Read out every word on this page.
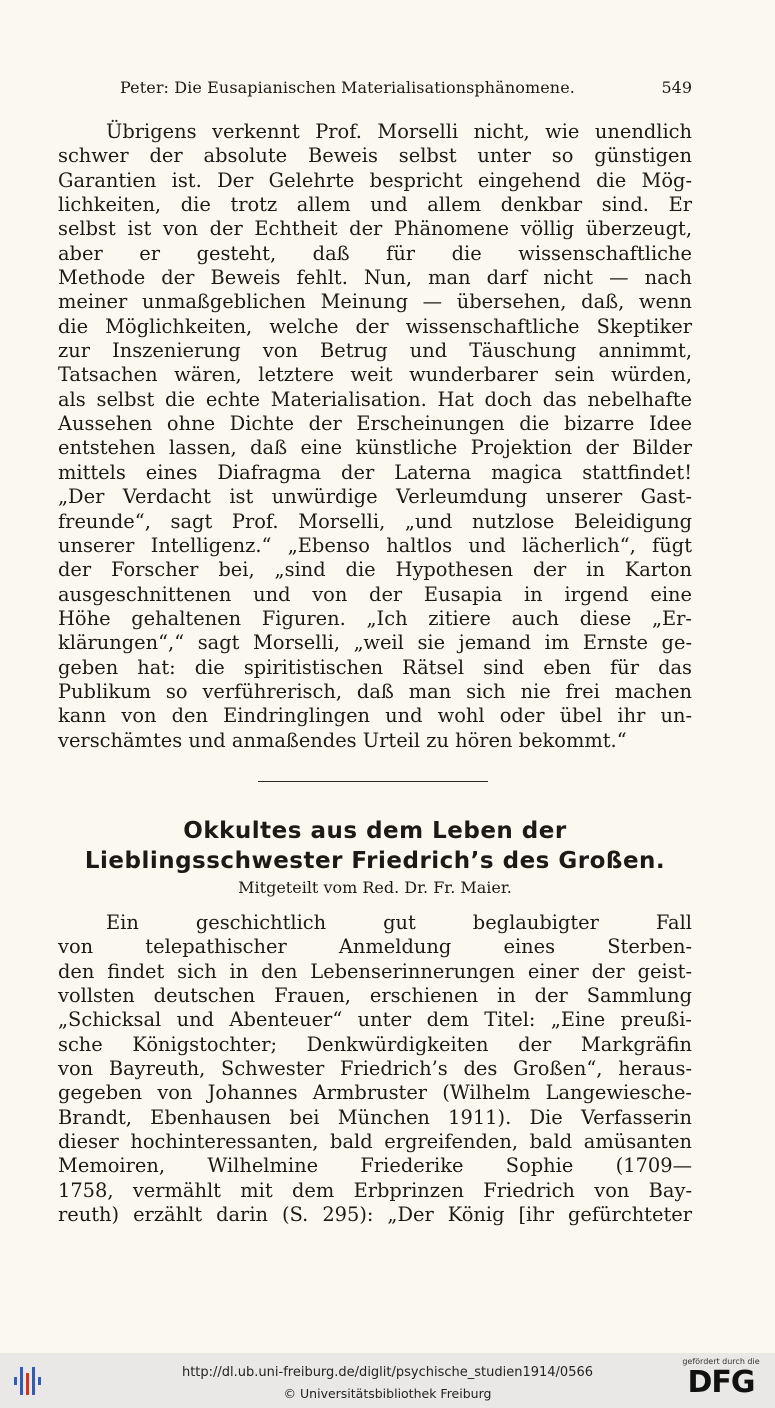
Peter: Die Eusapianischen Materialisationsphänomene.	549
Übrigens verkennt Prof. Morselli nicht, wie unendlich
schwer der absolute Beweis selbst unter so günstigen
Garantien ist. Der Gelehrte bespricht eingehend die Mög-
lichkeiten, die trotz allem und allem denkbar sind. Er
selbst ist von der Echtheit der Phänomene völlig überzeugt,
aber er gesteht, daß für die wissenschaftliche
Methode der Beweis fehlt. Nun, man darf nicht — nach
meiner unmaßgeblichen Meinung — übersehen, daß, wenn
die Möglichkeiten, welche der wissenschaftliche Skeptiker
zur Inszenierung von Betrug und Täuschung annimmt,
Tatsachen wären, letztere weit wunderbarer sein würden,
als selbst die echte Materialisation. Hat doch das nebelhafte
Aussehen ohne Dichte der Erscheinungen die bizarre Idee
entstehen lassen, daß eine künstliche Projektion der Bilder
mittels eines Diafragma der Laterna magica stattfindet!
„Der Verdacht ist unwürdige Verleumdung unserer Gast-
freunde“, sagt Prof. Morselli, „und nutzlose Beleidigung
unserer Intelligenz.“ „Ebenso haltlos und lächerlich“, fügt
der Forscher bei, „sind die Hypothesen der in Karton
ausgeschnittenen und von der Eusapia in irgend eine
Höhe gehaltenen Figuren. „Ich zitiere auch diese „Er-
klärungen“,“ sagt Morselli, „weil sie jemand im Ernste ge-
geben hat: die spiritistischen Rätsel sind eben für das
Publikum so verführerisch, daß man sich nie frei machen
kann von den Eindringlingen und wohl oder übel ihr un-
verschämtes und anmaßendes Urteil zu hören bekommt.“
Okkultes aus dem Leben der
Lieblingsschwester Friedrich’s des Großen.
Mitgeteilt vom Red. Dr. Fr. Maier.
Ein geschichtlich gut beglaubigter Fall
von telepathischer Anmeldung eines Sterben-
den findet sich in den Lebenserinnerungen einer der geist-
vollsten deutschen Frauen, erschienen in der Sammlung
„Schicksal und Abenteuer“ unter dem Titel: „Eine preußi-
sche Königstochter; Denkwürdigkeiten der Markgräfin
von Bayreuth, Schwester Friedrich’s des Großen“, heraus-
gegeben von Johannes Armbruster (Wilhelm Langewiesche-
Brandt, Ebenhausen bei München 1911). Die Verfasserin
dieser hochinteressanten, bald ergreifenden, bald amüsanten
Memoiren, Wilhelmine Friederike Sophie (1709—
1758, vermählt mit dem Erbprinzen Friedrich von Bay-
reuth) erzählt darin (S. 295): „Der König [ihr gefürchteter
http://dl.ub.uni-freiburg.de/diglit/psychische_studien1914/0566
© Universitätsbibliothek Freiburg
gefördert durch die
DFG
